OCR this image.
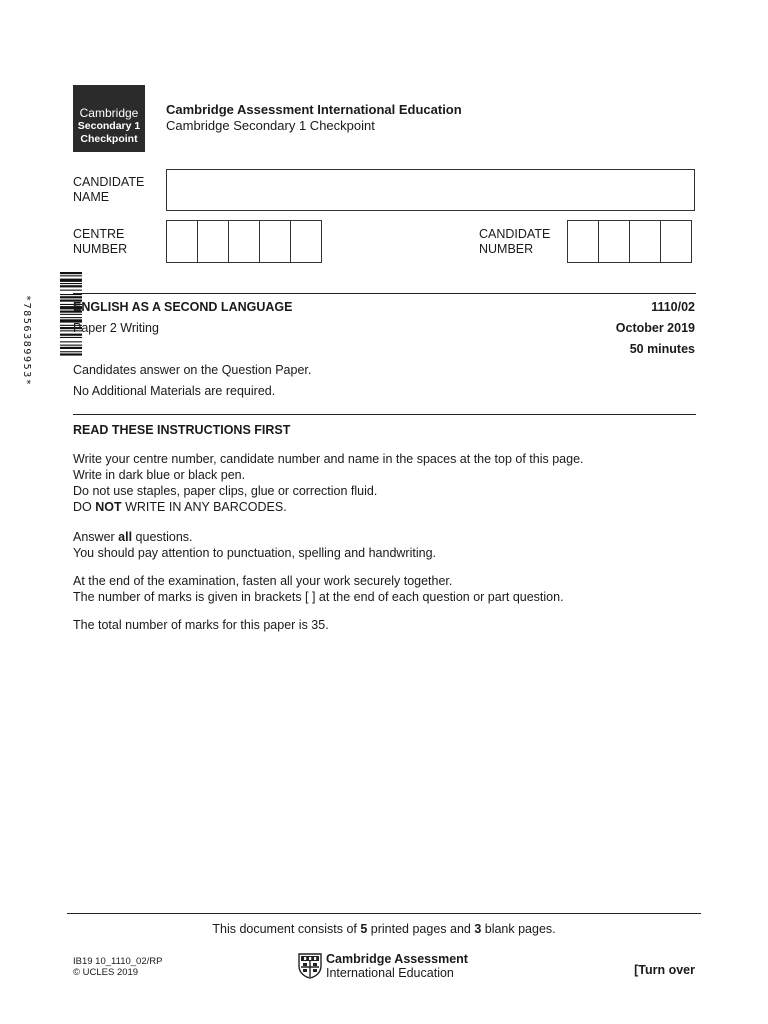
Cambridge
Secondary 1
Checkpoint
Cambridge Assessment International Education
Cambridge Secondary 1 Checkpoint
CANDIDATE
NAME
CENTRE
NUMBER
CANDIDATE
NUMBER
*7856389953*	ENGLISH AS A SECOND LANGUAGE	1110/02
Paper 2 Writing	October 2019
50 minutes
Candidates answer on the Question Paper.
No Additional Materials are required.
READ THESE INSTRUCTIONS FIRST
Write your centre number, candidate number and name in the spaces at the top of this page.
Write in dark blue or black pen.
Do not use staples, paper clips, glue or correction fluid.
DO NOT WRITE IN ANY BARCODES.
Answer all questions.
You should pay attention to punctuation, spelling and handwriting.
At the end of the examination, fasten all your work securely together.
The number of marks is given in brackets [ ] at the end of each question or part question.
The total number of marks for this paper is 35.
This document consists of 5 printed pages and 3 blank pages.
IB19 10_1110_02/RP
© UCLES 2019
Cambridge Assessment
International Education	[Turn over
